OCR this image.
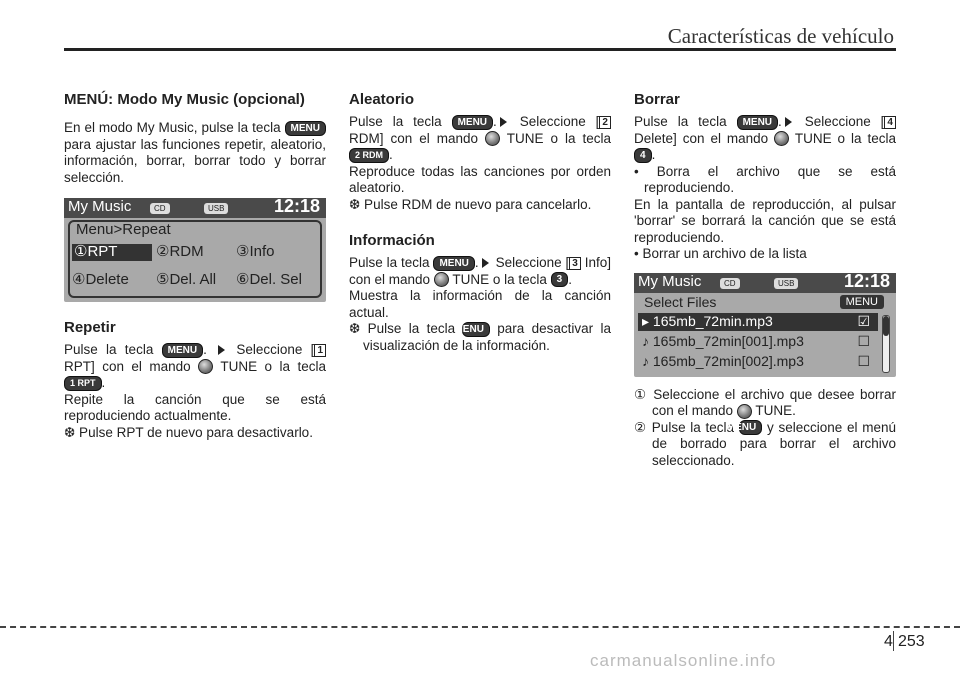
Características de vehículo
MENÚ: Modo My Music (opcional)

En el modo My Music, pulse la tecla MENU para ajustar las funciones repetir, aleatorio, información, borrar, borrar todo y borrar selección.

My Music	CD	USB	12:18
Menu>Repeat
①RPT	②RDM ③Info
④Delete ⑤Del. All ⑥Del. Sel
Repetir

Pulse la tecla MENU .  Seleccione [ 1 RPT] con el mando TUNE o la tecla 1 RPT .

Repite la canción que se está reproduciendo actualmente.

❆ Pulse RPT de nuevo para desactivarlo.

Aleatorio

Pulse la tecla MENU . Seleccione [ 2 RDM] con el mando TUNE o la tecla 2 RDM .

Reproduce todas las canciones por orden aleatorio.

❆ Pulse RDM de nuevo para cancelarlo.

Información

Pulse la tecla MENU . Seleccione [ 3 Info] con el mando TUNE o la tecla 3 .

Muestra la información de la canción actual.

❆ Pulse la tecla MENU para desactivar la visualización de la información.

Borrar

Pulse la tecla MENU . Seleccione [ 4 Delete] con el mando TUNE o la tecla 4 .

• Borra el archivo que se está reproduciendo.

En la pantalla de reproducción, al pulsar 'borrar' se borrará la canción que se está reproduciendo.

• Borrar un archivo de la lista

My Music	CD	USB	12:18
Select Files	MENU
▸ 165mb_72min.mp3	☑
♪ 165mb_72min[001].mp3	☐
♪ 165mb_72min[002].mp3	☐

① Seleccione el archivo que desee borrar con el mando TUNE.

② Pulse la tecla MENU y seleccione el menú de borrado para borrar el archivo seleccionado.

4 253
carmanualsonline.info
